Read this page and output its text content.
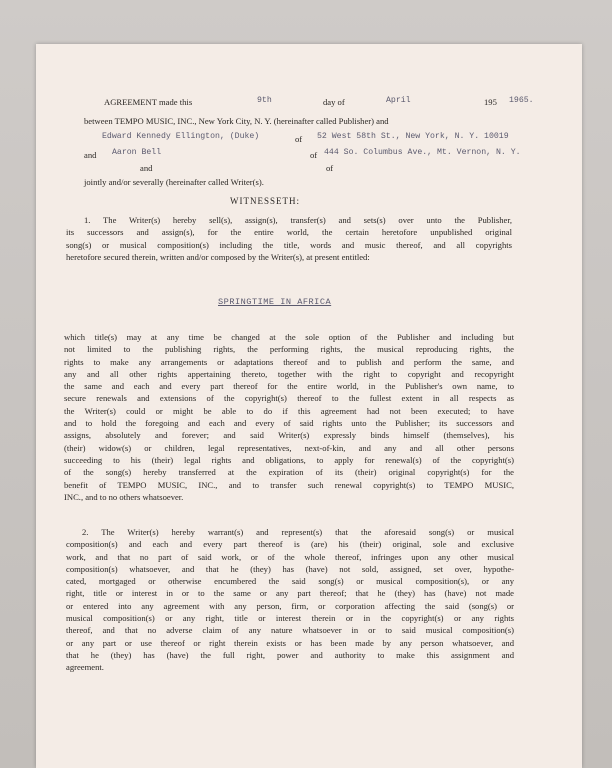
AGREEMENT made this	9th	day of	April	195 1965.
between TEMPO MUSIC, INC., New York City, N. Y. (hereinafter called Publisher) and
Edward Kennedy Ellington, (Duke)	of 52 West 58th St., New York, N. Y. 10019
and Aaron Bell	of 444 So. Columbus Ave., Mt. Vernon, N. Y.
and	of
jointly and/or severally (hereinafter called Writer(s).
WITNESSETH:
1. The Writer(s) hereby sell(s), assign(s), transfer(s) and sets(s) over unto the Publisher,
its successors and assign(s), for the entire world, the certain heretofore unpublished original
song(s) or musical composition(s) including the title, words and music thereof, and all copyrights
heretofore secured therein, written and/or composed by the Writer(s), at present entitled:
SPRINGTIME IN AFRICA
which title(s) may at any time be changed at the sole option of the Publisher and including but
not limited to the publishing rights, the performing rights, the musical reproducing rights, the
rights to make any arrangements or adaptations thereof and to publish and perform the same, and
any and all other rights appertaining thereto, together with the right to copyright and recopyright
the same and each and every part thereof for the entire world, in the Publisher's own name, to
secure renewals and extensions of the copyright(s) thereof to the fullest extent in all respects as
the Writer(s) could or might be able to do if this agreement had not been executed; to have
and to hold the foregoing and each and every of said rights unto the Publisher; its successors and
assigns, absolutely and forever; and said Writer(s) expressly binds himself (themselves), his
(their) widow(s) or children, legal representatives, next-of-kin, and any and all other persons
succeeding to his (their) legal rights and obligations, to apply for renewal(s) of the copyright(s)
of the song(s) hereby transferred at the expiration of its (their) original copyright(s) for the
benefit of TEMPO MUSIC, INC., and to transfer such renewal copyright(s) to TEMPO MUSIC,
INC., and to no others whatsoever.
2. The Writer(s) hereby warrant(s) and represent(s) that the aforesaid song(s) or musical
composition(s) and each and every part thereof is (are) his (their) original, sole and exclusive
work, and that no part of said work, or of the whole thereof, infringes upon any other musical
composition(s) whatsoever, and that he (they) has (have) not sold, assigned, set over, hypothe-
cated, mortgaged or otherwise encumbered the said song(s) or musical composition(s), or any
right, title or interest in or to the same or any part thereof; that he (they) has (have) not made
or entered into any agreement with any person, firm, or corporation affecting the said (song(s) or
musical composition(s) or any right, title or interest therein or in the copyright(s) or any rights
thereof, and that no adverse claim of any nature whatsoever in or to said musical composition(s)
or any part or use thereof or right therein exists or has been made by any person whatsoever, and
that he (they) has (have) the full right, power and authority to make this assignment and
agreement.
